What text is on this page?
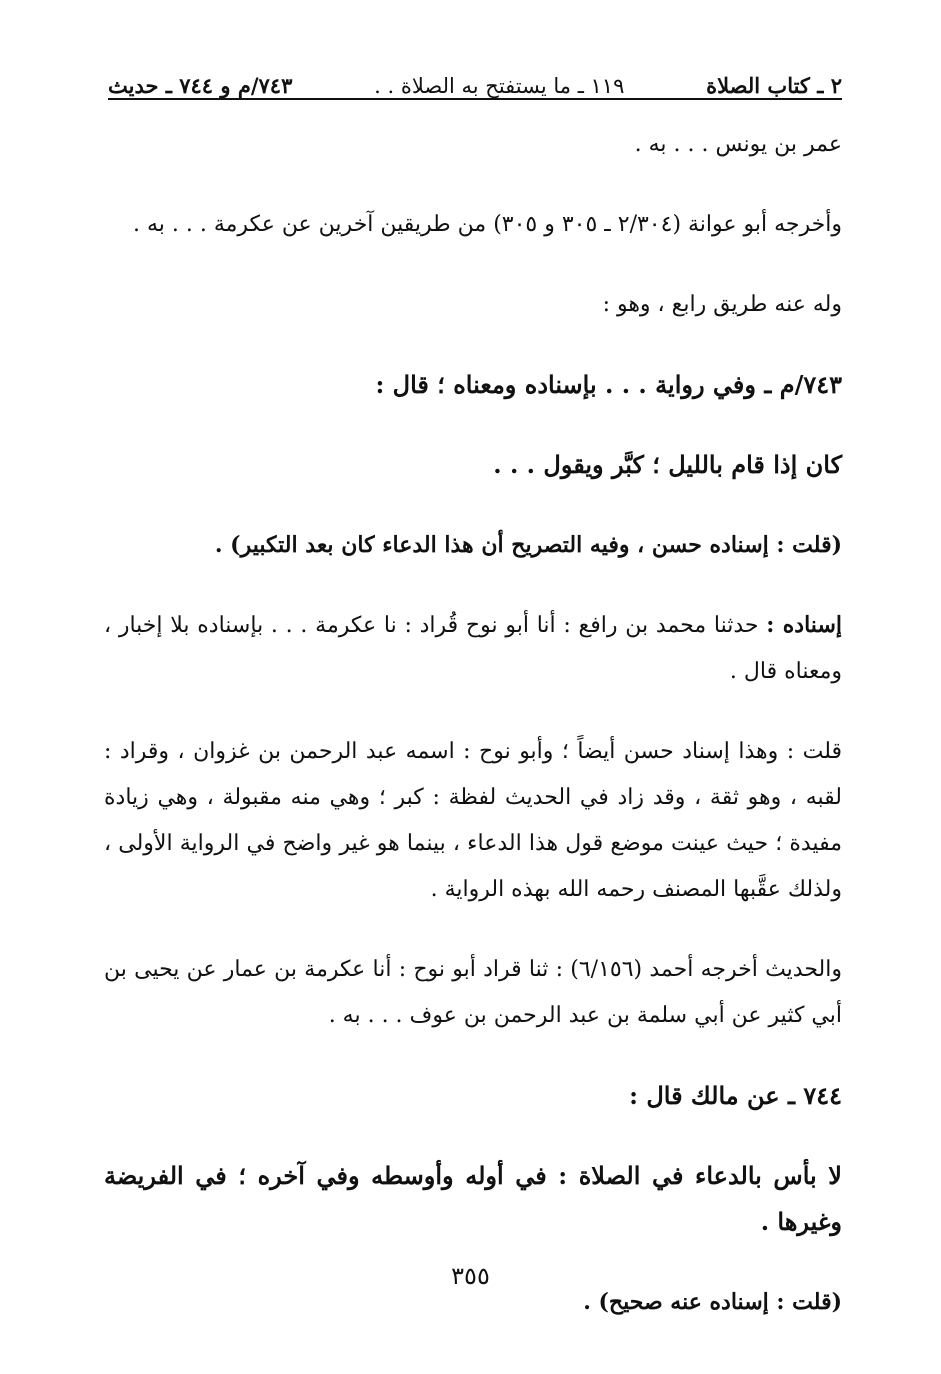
٢ ـ كتاب الصلاة
١١٩ ـ ما يستفتح به الصلاة . .
٧٤٣/م و ٧٤٤ ـ حديث

عمر بن يونس . . . به .

وأخرجه أبو عوانة (٢/٣٠٤ ـ ٣٠٥ و ٣٠٥) من طريقين آخرين عن عكرمة . . . به .

وله عنه طريق رابع ، وهو :

٧٤٣/م ـ وفي رواية . . . بإسناده ومعناه ؛ قال :

كان إذا قام بالليل ؛ كبَّر ويقول . . .

(قلت : إسناده حسن ، وفيه التصريح أن هذا الدعاء كان بعد التكبير) .

إسناده : حدثنا محمد بن رافع : أنا أبو نوح قُراد : نا عكرمة . . . بإسناده بلا إخبار ، ومعناه قال .

قلت : وهذا إسناد حسن أيضاً ؛ وأبو نوح : اسمه عبد الرحمن بن غزوان ، وقراد : لقبه ، وهو ثقة ، وقد زاد في الحديث لفظة : كبر ؛ وهي منه مقبولة ، وهي زيادة مفيدة ؛ حيث عينت موضع قول هذا الدعاء ، بينما هو غير واضح في الرواية الأولى ، ولذلك عقَّبها المصنف رحمه الله بهذه الرواية .

والحديث أخرجه أحمد (٦/١٥٦) : ثنا قراد أبو نوح : أنا عكرمة بن عمار عن يحيى بن أبي كثير عن أبي سلمة بن عبد الرحمن بن عوف . . . به .

٧٤٤ ـ عن مالك قال :

لا بأس بالدعاء في الصلاة : في أوله وأوسطه وفي آخره ؛ في الفريضة وغيرها .

(قلت : إسناده عنه صحيح) .

٣٥٥
